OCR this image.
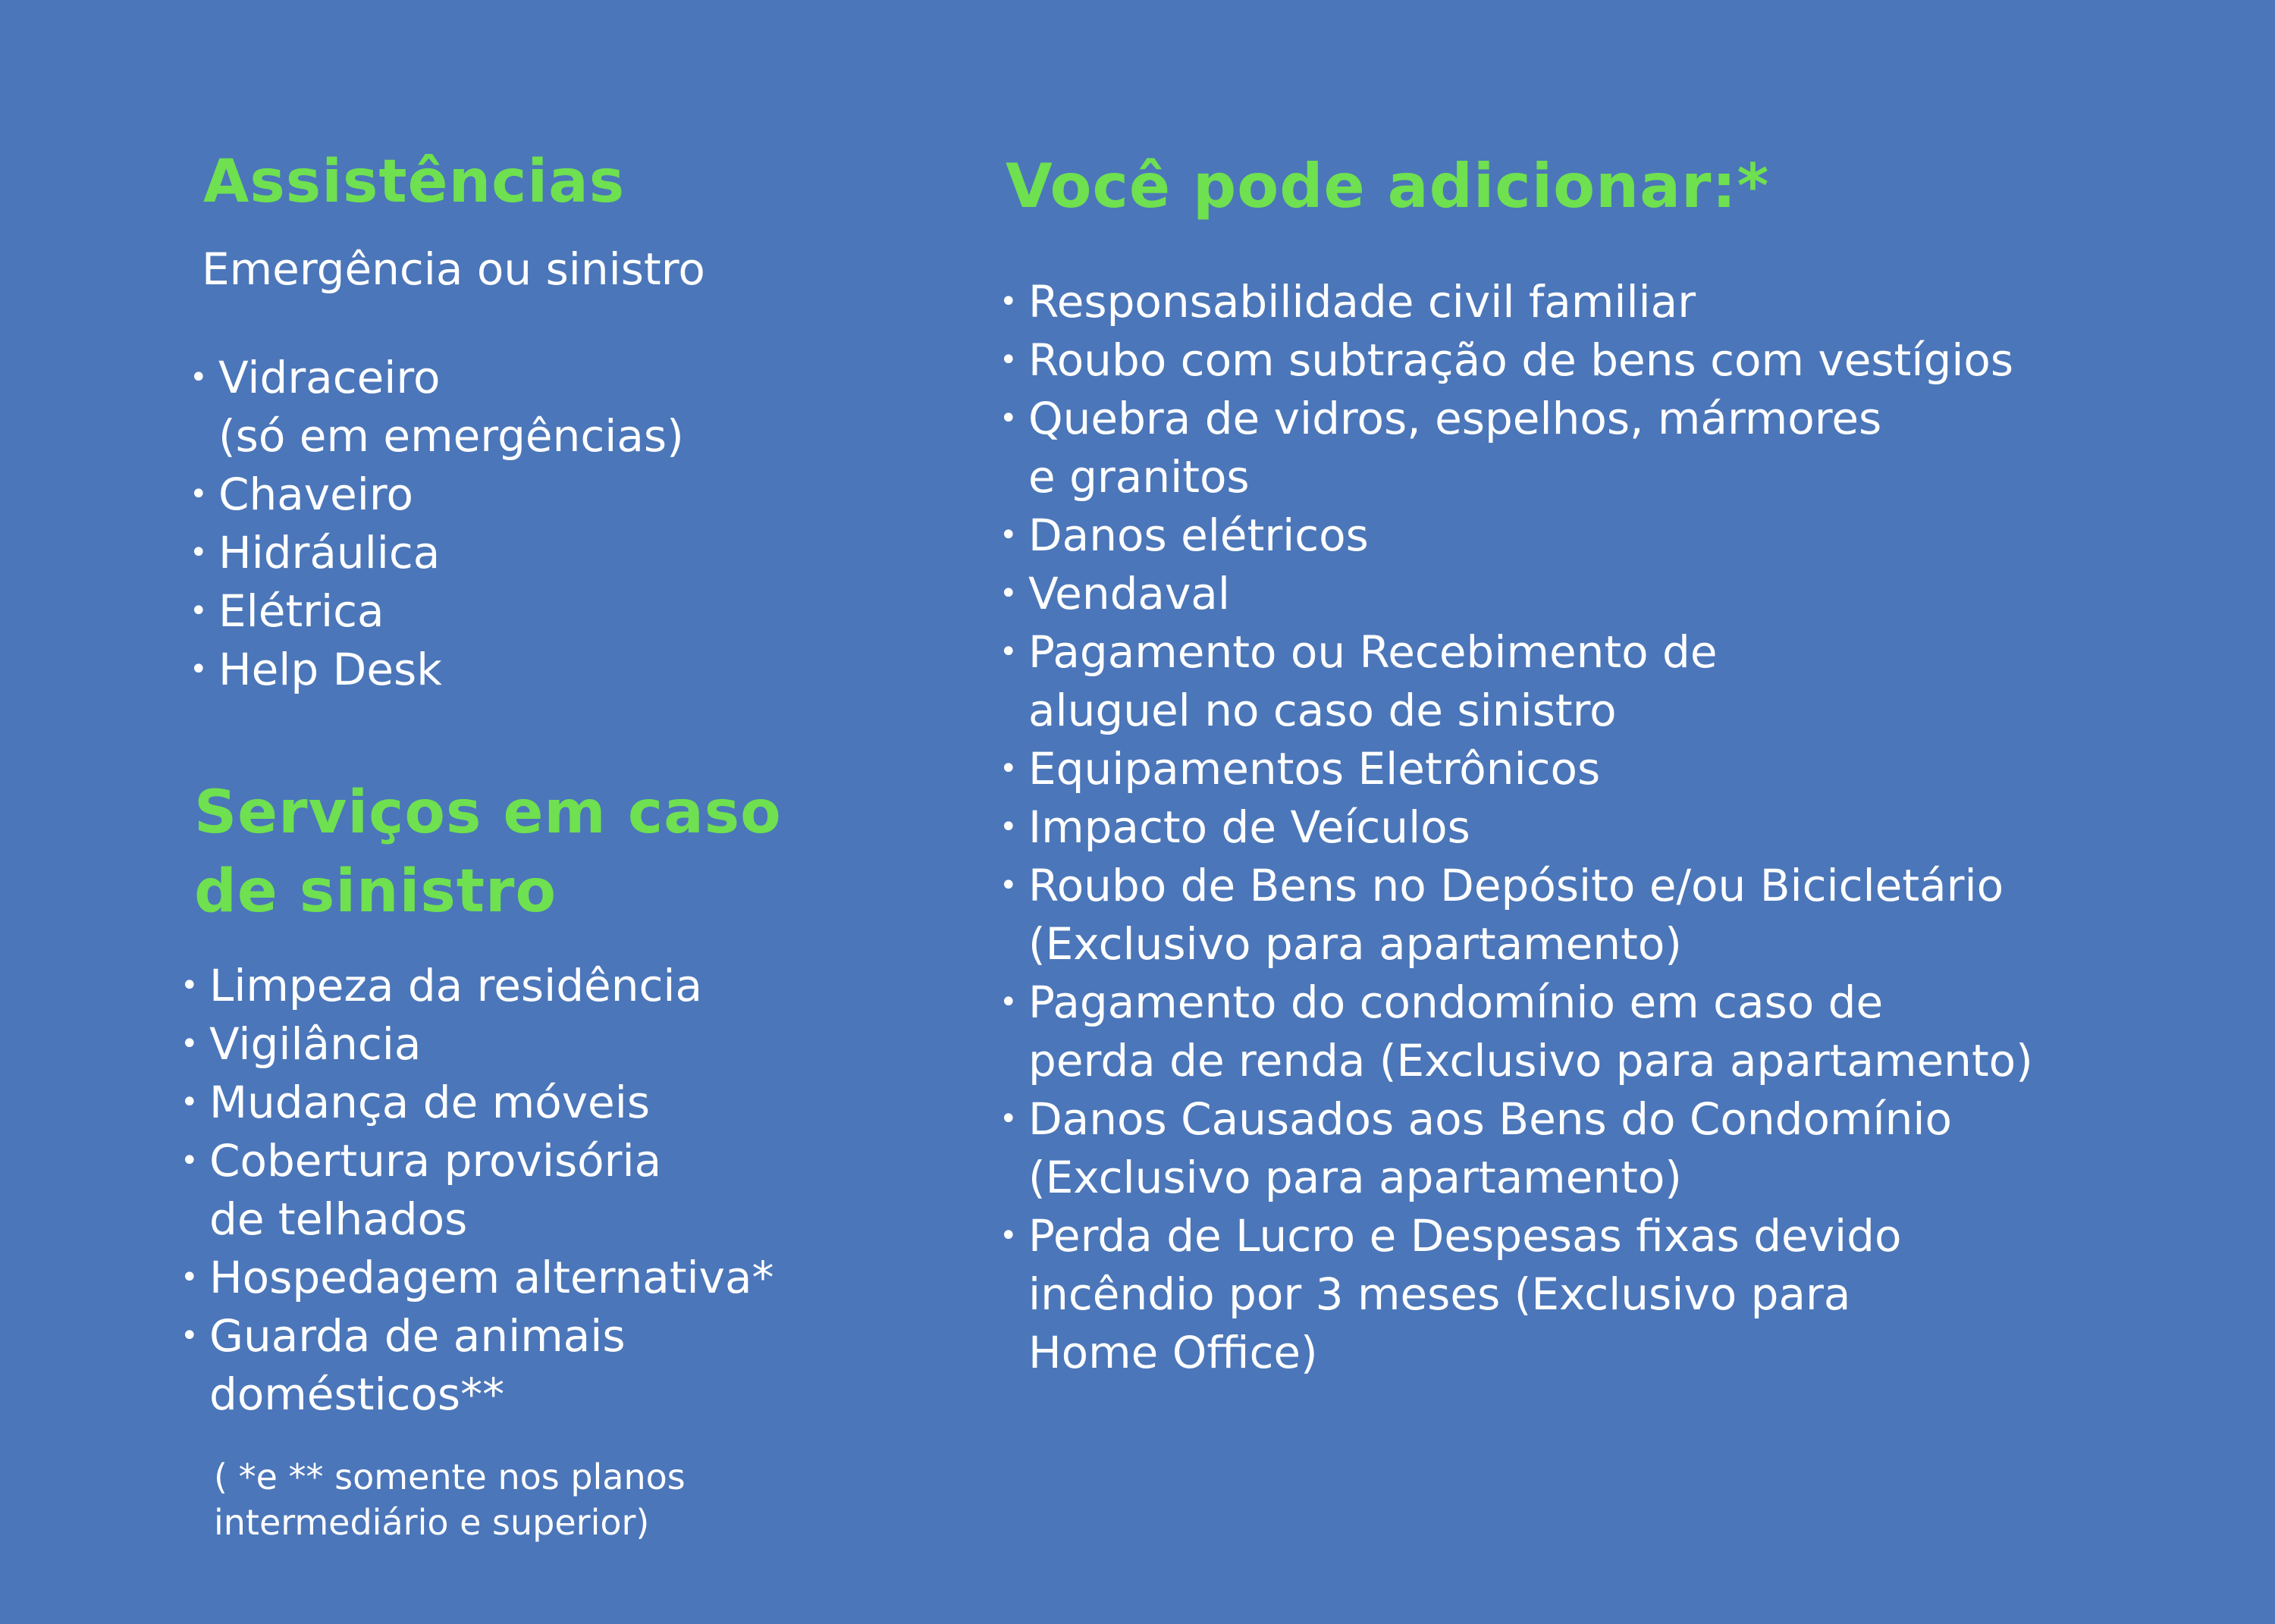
Assistências

Emergência ou sinistro

• Vidraceiro
(só em emergências)
• Chaveiro
• Hidráulica
• Elétrica
• Help Desk
Serviços em caso
de sinistro
• Limpeza da residência
• Vigilância
• Mudança de móveis
• Cobertura provisória
de telhados
• Hospedagem alternativa*
• Guarda de animais
domésticos**

( *e ** somente nos planos
intermediário e superior)

Você pode adicionar:*
• Responsabilidade civil familiar
• Roubo com subtração de bens com vestígios
• Quebra de vidros, espelhos, mármores
e granitos
• Danos elétricos
• Vendaval
• Pagamento ou Recebimento de
aluguel no caso de sinistro
• Equipamentos Eletrônicos
• Impacto de Veículos
• Roubo de Bens no Depósito e/ou Bicicletário
(Exclusivo para apartamento)
• Pagamento do condomínio em caso de
perda de renda (Exclusivo para apartamento)
• Danos Causados aos Bens do Condomínio
(Exclusivo para apartamento)
• Perda de Lucro e Despesas fixas devido
incêndio por 3 meses (Exclusivo para
Home Office)
